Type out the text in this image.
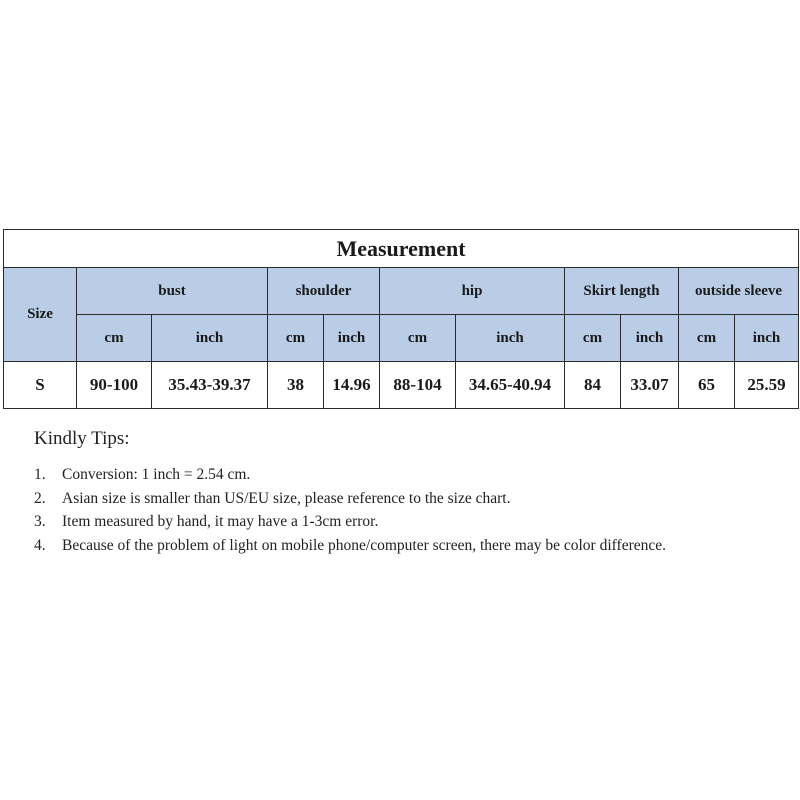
Measurement										
Size	bust		shoulder		hip		Skirt length		outside sleeve	
	cm	inch	cm	inch	cm	inch	cm	inch	cm	inch
S	90-100	35.43-39.37	38	14.96	88-104	34.65-40.94	84	33.07	65	25.59

Kindly Tips:

1.	Conversion: 1 inch = 2.54 cm.
2.	Asian size is smaller than US/EU size, please reference to the size chart.
3.	Item measured by hand, it may have a 1-3cm error.
4.	Because of the problem of light on mobile phone/computer screen, there may be color difference.
